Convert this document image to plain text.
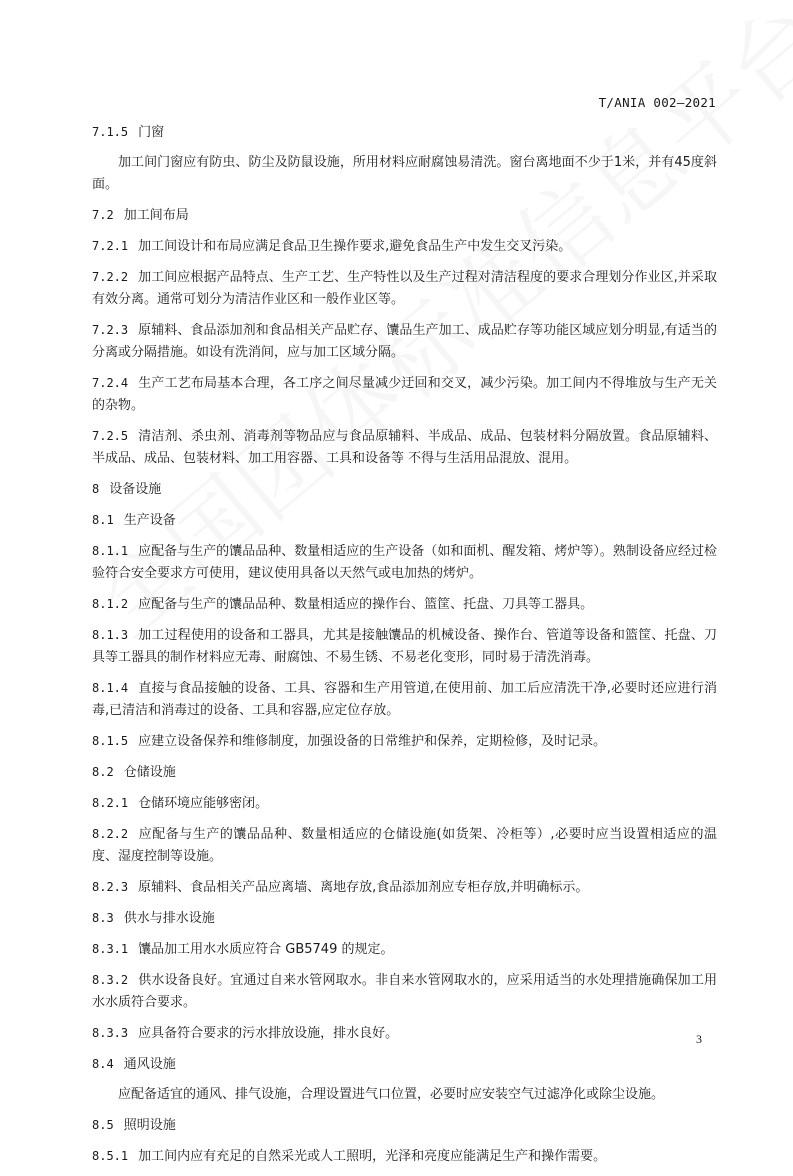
T/ANIA 002—2021
7.1.5 门窗
加工间门窗应有防虫、防尘及防鼠设施，所用材料应耐腐蚀易清洗。窗台离地面不少于1米，并有45度斜面。
7.2 加工间布局
7.2.1 加工间设计和布局应满足食品卫生操作要求,避免食品生产中发生交叉污染。
7.2.2 加工间应根据产品特点、生产工艺、生产特性以及生产过程对清洁程度的要求合理划分作业区,并采取有效分离。通常可划分为清洁作业区和一般作业区等。
7.2.3 原辅料、食品添加剂和食品相关产品贮存、馕品生产加工、成品贮存等功能区域应划分明显,有适当的分离或分隔措施。如设有洗消间，应与加工区域分隔。
7.2.4 生产工艺布局基本合理，各工序之间尽量减少迂回和交叉，减少污染。加工间内不得堆放与生产无关的杂物。
7.2.5 清洁剂、杀虫剂、消毒剂等物品应与食品原辅料、半成品、成品、包装材料分隔放置。食品原辅料、半成品、成品、包装材料、加工用容器、工具和设备等 不得与生活用品混放、混用。
8 设备设施
8.1 生产设备
8.1.1 应配备与生产的馕品品种、数量相适应的生产设备（如和面机、醒发箱、烤炉等）。熟制设备应经过检验符合安全要求方可使用，建议使用具备以天然气或电加热的烤炉。
8.1.2 应配备与生产的馕品品种、数量相适应的操作台、篮筐、托盘、刀具等工器具。
8.1.3 加工过程使用的设备和工器具，尤其是接触馕品的机械设备、操作台、管道等设备和篮筐、托盘、刀具等工器具的制作材料应无毒、耐腐蚀、不易生锈、不易老化变形，同时易于清洗消毒。
8.1.4 直接与食品接触的设备、工具、容器和生产用管道,在使用前、加工后应清洗干净,必要时还应进行消毒,已清洁和消毒过的设备、工具和容器,应定位存放。
8.1.5 应建立设备保养和维修制度，加强设备的日常维护和保养，定期检修，及时记录。
8.2 仓储设施
8.2.1 仓储环境应能够密闭。
8.2.2 应配备与生产的馕品品种、数量相适应的仓储设施(如货架、冷柜等）,必要时应当设置相适应的温度、湿度控制等设施。
8.2.3 原辅料、食品相关产品应离墙、离地存放,食品添加剂应专柜存放,并明确标示。
8.3 供水与排水设施
8.3.1 馕品加工用水水质应符合 GB5749 的规定。
8.3.2 供水设备良好。宜通过自来水管网取水。非自来水管网取水的，应采用适当的水处理措施确保加工用水水质符合要求。
8.3.3 应具备符合要求的污水排放设施，排水良好。
8.4 通风设施
应配备适宜的通风、排气设施，合理设置进气口位置，必要时应安装空气过滤净化或除尘设施。
8.5 照明设施
8.5.1 加工间内应有充足的自然采光或人工照明，光泽和亮度应能满足生产和操作需要。
3
